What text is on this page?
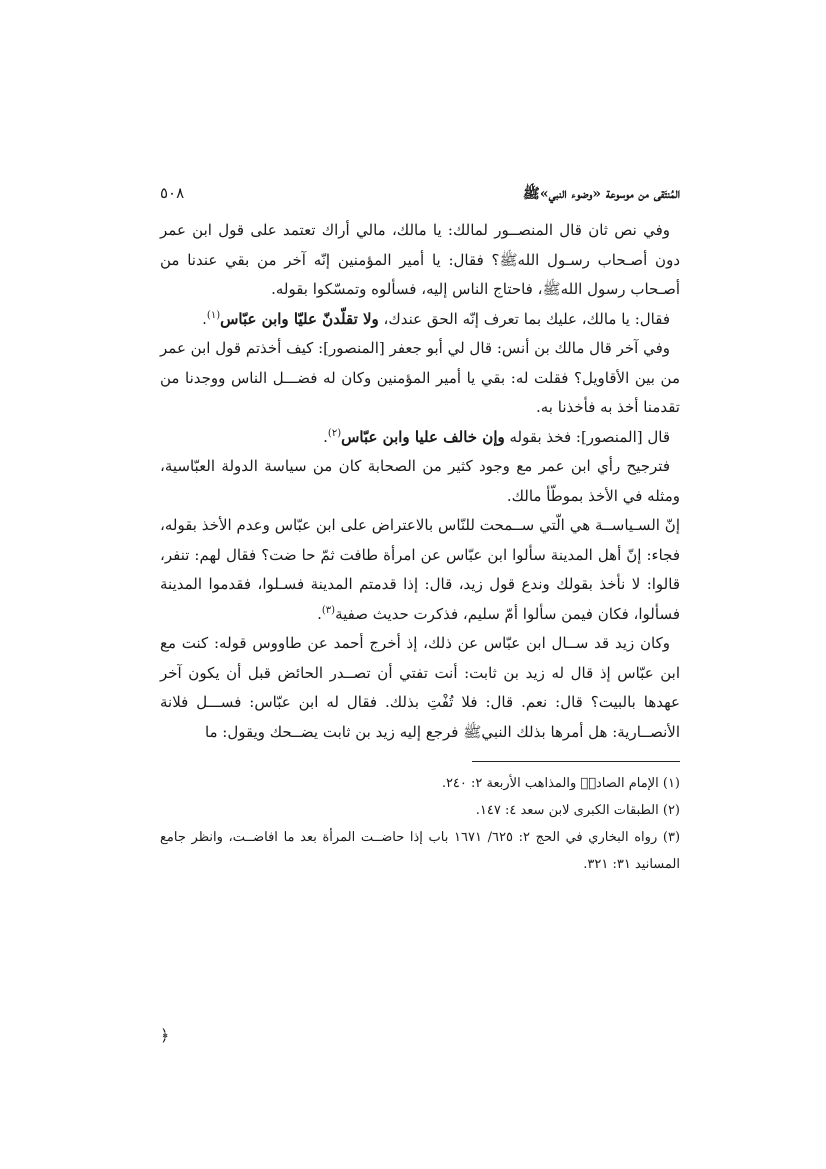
المُنتَقى من موسوعة «وضوء النبي»ﷺ
٥٠٨

وفي نص ثان قال المنصــور لمالك: يا مالك، مالي أراك تعتمد على قول ابن عمر دون أصـحاب رسـول اللهﷺ؟ فقال: يا أمير المؤمنين إنّه آخر من بقي عندنا من أصـحاب رسول اللهﷺ، فاحتاج الناس إليه، فسألوه وتمسّكوا بقوله.

فقال: يا مالك، عليك بما تعرف إنّه الحق عندك، ولا تقلّدنّ عليّا وابن عبّاس$^{(١)}$.

وفي آخر قال مالك بن أنس: قال لي أبو جعفر [المنصور]: كيف أخذتم قول ابن عمر من بين الأقاويل؟ فقلت له: بقي يا أمير المؤمنين وكان له فضـــل الناس ووجدنا من تقدمنا أخذ به فأخذنا به.

قال [المنصور]: فخذ بقوله وإن خالف عليا وابن عبّاس$^{(٢)}$.

فترجيح رأي ابن عمر مع وجود كثير من الصحابة كان من سياسة الدولة العبّاسية، ومثله في الأخذ بموطّأ مالك.

إنّ السـياســة هي الّتي ســمحت للنّاس بالاعتراض على ابن عبّاس وعدم الأخذ بقوله، فجاء: إنّ أهل المدينة سألوا ابن عبّاس عن امرأة طافت ثمّ حا ضت؟ فقال لهم: تنفر، قالوا: لا نأخذ بقولك وندع قول زيد، قال: إذا قدمتم المدينة فسـلوا، فقدموا المدينة فسألوا، فكان فيمن سألوا أمّ سليم، فذكرت حديث صفية$^{(٣)}$.

وكان زيد قد ســال ابن عبّاس عن ذلك، إذ أخرج أحمد عن طاووس قوله: كنت مع ابن عبّاس إذ قال له زيد بن ثابت: أنت تفتي أن تصــدر الحائض قبل أن يكون آخر عهدها بالبيت؟ قال: نعم. قال: فلا تُفْتِ بذلك. فقال له ابن عبّاس: فســـل فلانة الأنصــارية: هل أمرها بذلك النبيﷺ فرجع إليه زيد بن ثابت يضــحك ويقول: ما

(١) الإمام الصادقؑ والمذاهب الأربعة ٢: ٢٤٠.

(٢) الطبقات الكبرى لابن سعد ٤: ١٤٧.

(٣) رواه البخاري في الحج ٢: ٦٢٥/ ١٦٧١ باب إذا حاضــت المرأة بعد ما افاضــت، وانظر جامع المسانيد ٣١: ٣٢١.

﴿
